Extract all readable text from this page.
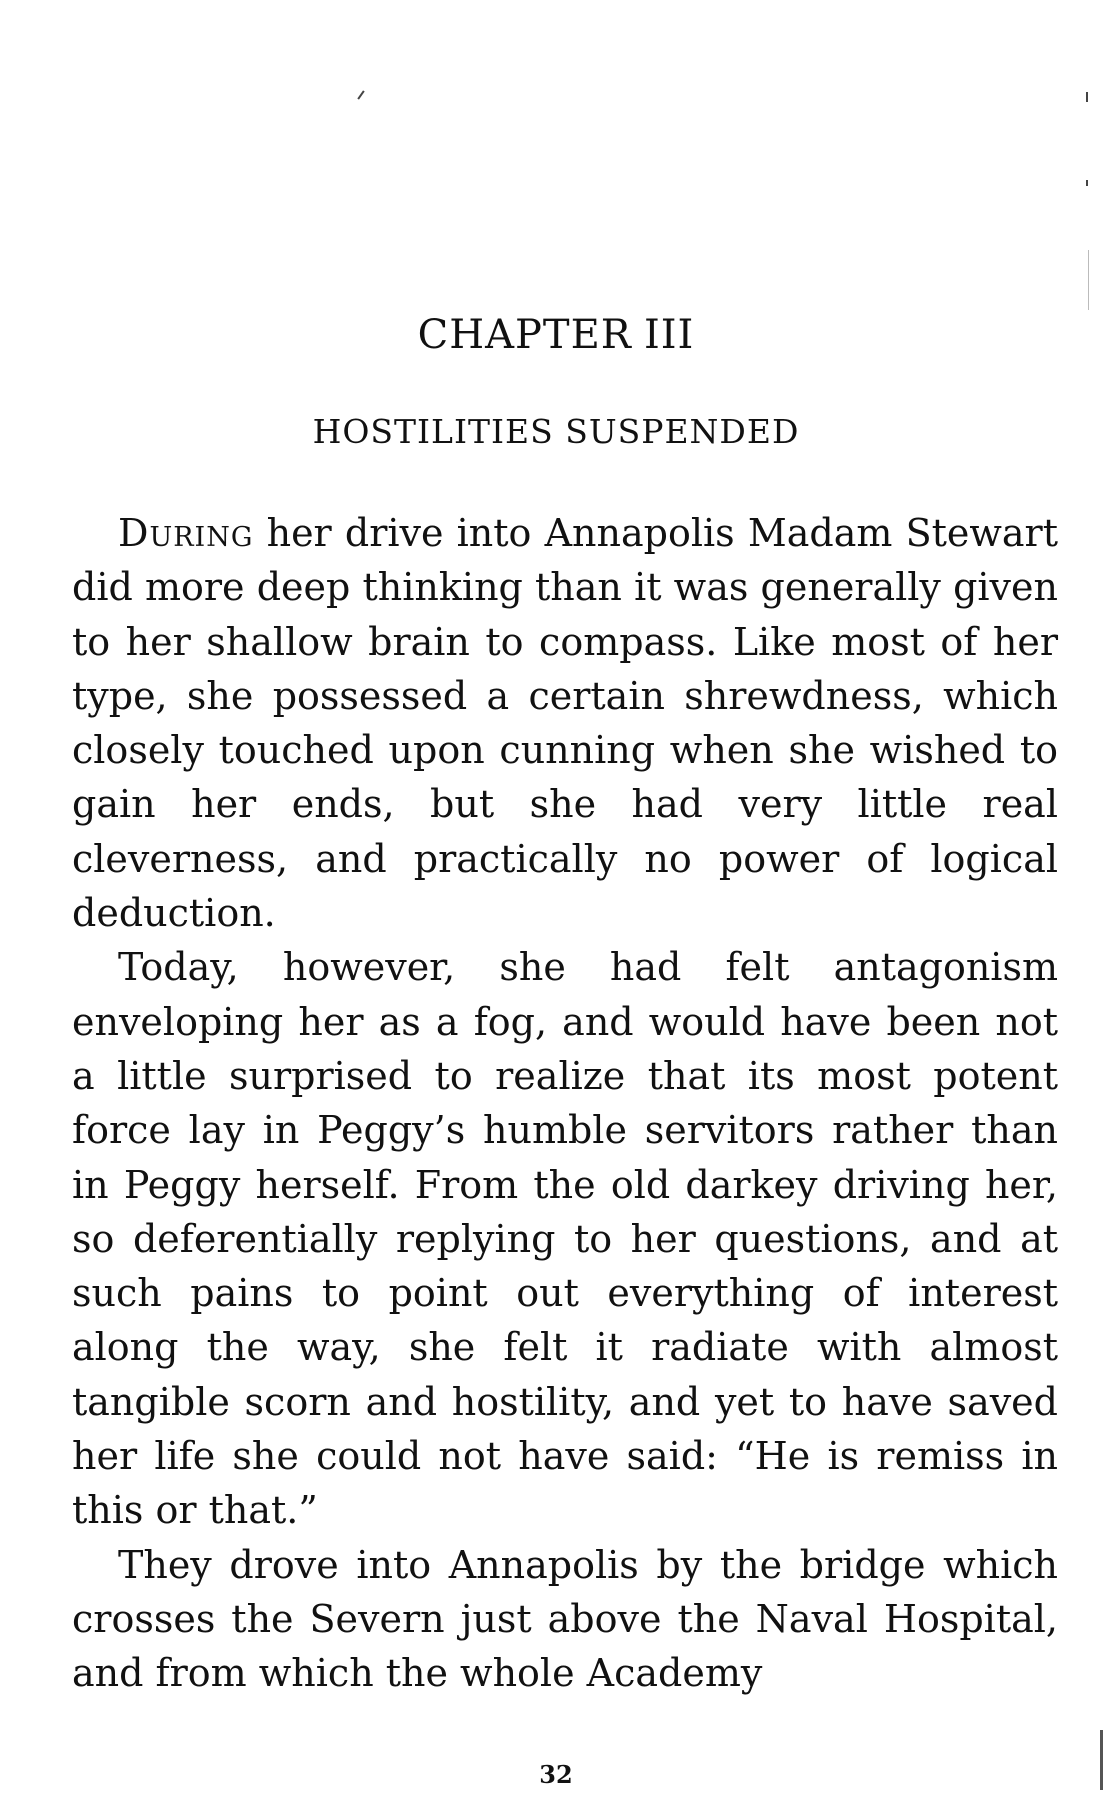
CHAPTER III
HOSTILITIES SUSPENDED

During her drive into Annapolis Madam Stewart did more deep thinking than it was generally given to her shallow brain to compass. Like most of her type, she possessed a certain shrewdness, which closely touched upon cunning when she wished to gain her ends, but she had very little real cleverness, and practically no power of logical deduction.

Today, however, she had felt antagonism enveloping her as a fog, and would have been not a little surprised to realize that its most potent force lay in Peggy’s humble servitors rather than in Peggy herself. From the old darkey driving her, so deferentially replying to her questions, and at such pains to point out everything of interest along the way, she felt it radiate with almost tangible scorn and hostility, and yet to have saved her life she could not have said: “He is remiss in this or that.”

They drove into Annapolis by the bridge which crosses the Severn just above the Naval Hospital, and from which the whole Academy

32
